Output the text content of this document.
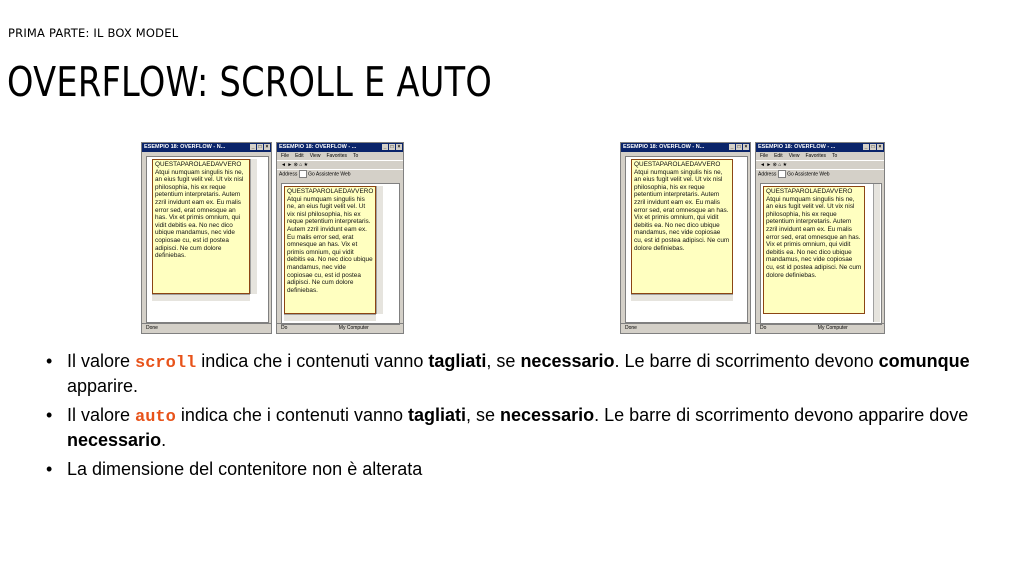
PRIMA PARTE: IL BOX MODEL
OVERFLOW: SCROLL E AUTO
ESEMPIO 18: OVERFLOW - N...	_ □ ×
QUESTAPAROLAEDAVVERO
Atqui numquam singulis his ne, an eius fugit velit vel. Ut vix nisl philosophia, his ex reque petentium interpretaris. Autem zzril invidunt eam ex. Eu malis error sed, erat omnesque an has. Vix et primis omnium, qui vidit debitis ea. No nec dico ubique mandamus, nec vide copiosae cu, est id postea adipisci. Ne cum dolore definiebas.
Done
ESEMPIO 18: OVERFLOW - ...	_ □ ×
File Edit View Favorites To
◄ ► ⊗ ⌂ ★
Address Go Assistente Web
QUESTAPAROLAEDAVVERO
Atqui numquam singulis his ne, an eius fugit velit vel. Ut vix nisl philosophia, his ex reque petentium interpretaris. Autem zzril invidunt eam ex. Eu malis error sed, erat omnesque an has. Vix et primis omnium, qui vidit debitis ea. No nec dico ubique mandamus, nec vide copiosae cu, est id postea adipisci. Ne cum dolore definiebas.
Do	My Computer
ESEMPIO 18: OVERFLOW - N...	_ □ ×
QUESTAPAROLAEDAVVERO
Atqui numquam singulis his ne, an eius fugit velit vel. Ut vix nisl philosophia, his ex reque petentium interpretaris. Autem zzril invidunt eam ex. Eu malis error sed, erat omnesque an has. Vix et primis omnium, qui vidit debitis ea. No nec dico ubique mandamus, nec vide copiosae cu, est id postea adipisci. Ne cum dolore definiebas.
Done
ESEMPIO 18: OVERFLOW - ...	_ □ ×
File Edit View Favorites To
◄ ► ⊗ ⌂ ★
Address Go Assistente Web
QUESTAPAROLAEDAVVERO
Atqui numquam singulis his ne, an eius fugit velit vel. Ut vix nisl philosophia, his ex reque petentium interpretaris. Autem zzril invidunt eam ex. Eu malis error sed, erat omnesque an has. Vix et primis omnium, qui vidit debitis ea. No nec dico ubique mandamus, nec vide copiosae cu, est id postea adipisci. Ne cum dolore definiebas.
Do	My Computer
• Il valore scroll indica che i contenuti vanno tagliati, se necessario. Le barre di scorrimento devono comunque apparire.
• Il valore auto indica che i contenuti vanno tagliati, se necessario. Le barre di scorrimento devono apparire dove necessario.
• La dimensione del contenitore non è alterata
